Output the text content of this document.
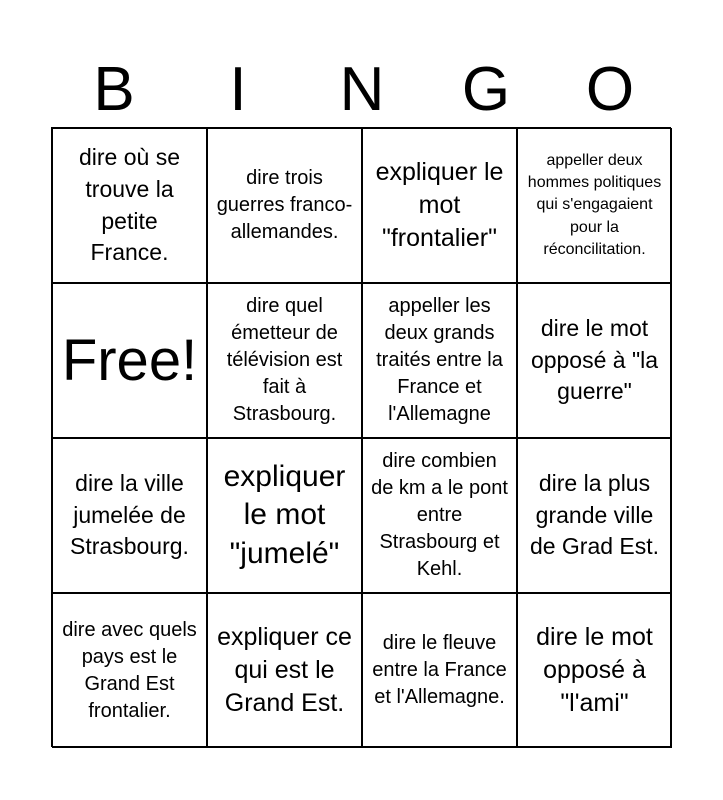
B	I	N	G	O
dire où se trouve la petite France.
dire trois guerres franco-allemandes.
expliquer le mot "frontalier"
appeller deux hommes politiques qui s'engagaient pour la réconcilitation.
Free!
dire quel émetteur de télévision est fait à Strasbourg.
appeller les deux grands traités entre la France et l'Allemagne
dire le mot opposé à "la guerre"
dire la ville jumelée de Strasbourg.
expliquer le mot "jumelé"
dire combien de km a le pont entre Strasbourg et Kehl.
dire la plus grande ville de Grad Est.
dire avec quels pays est le Grand Est frontalier.
expliquer ce qui est le Grand Est.
dire le fleuve entre la France et l'Allemagne.
dire le mot opposé à "l'ami"
